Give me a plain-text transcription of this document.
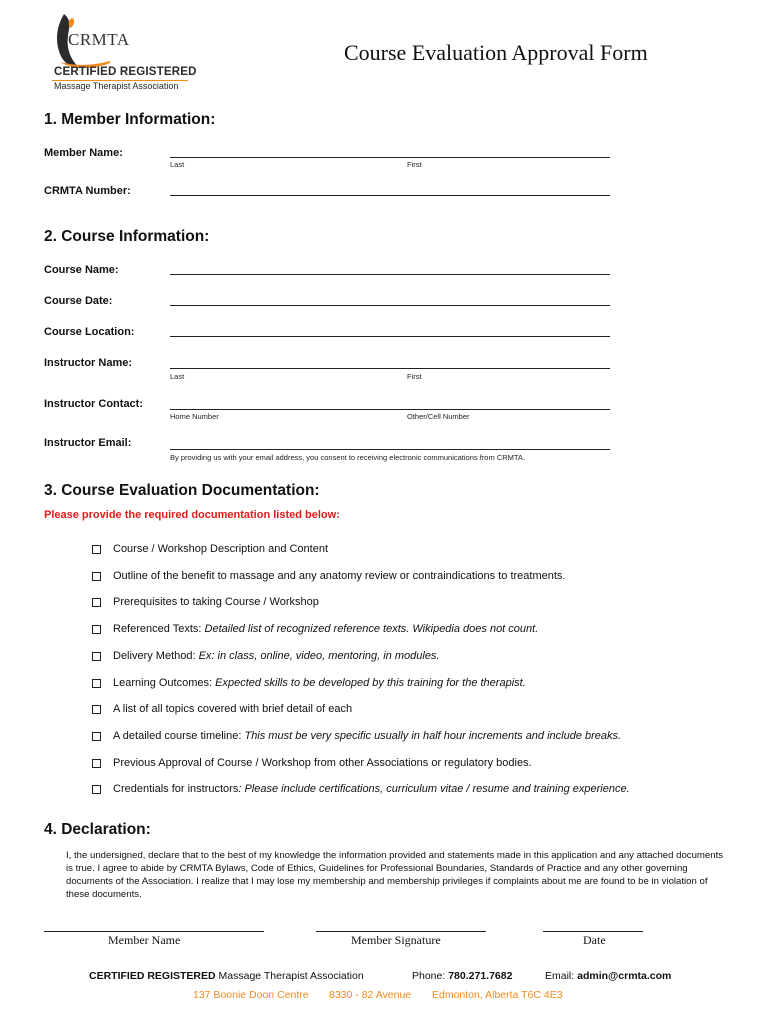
CRMTA
CERTIFIED REGISTERED
Massage Therapist Association
Course Evaluation Approval Form
1. Member Information:
Member Name:
Last	First
CRMTA Number:
2. Course Information:
Course Name:
Course Date:
Course Location:
Instructor Name:
Last	First
Instructor Contact:
Home Number	Other/Cell Number
Instructor Email:
By providing us with your email address, you consent to receiving electronic communications from CRMTA.
3. Course Evaluation Documentation:
Please provide the required documentation listed below:
Course / Workshop Description and Content
Outline of the benefit to massage and any anatomy review or contraindications to treatments.
Prerequisites to taking Course / Workshop
Referenced Texts: Detailed list of recognized reference texts. Wikipedia does not count.
Delivery Method: Ex: in class, online, video, mentoring, in modules.
Learning Outcomes: Expected skills to be developed by this training for the therapist.
A list of all topics covered with brief detail of each
A detailed course timeline: This must be very specific usually in half hour increments and include breaks.
Previous Approval of Course / Workshop from other Associations or regulatory bodies.
Credentials for instructors: Please include certifications, curriculum vitae / resume and training experience.
4. Declaration:
I, the undersigned, declare that to the best of my knowledge the information provided and statements made in this application and any attached documents is true. I agree to abide by CRMTA Bylaws, Code of Ethics, Guidelines for Professional Boundaries, Standards of Practice and any other governing documents of the Association. I realize that I may lose my membership and membership privileges if complaints about me are found to be in violation of these documents.
Member Name	Member Signature	Date
CERTIFIED REGISTERED Massage Therapist Association	Phone: 780.271.7682	Email: admin@crmta.com
137 Boonie Doon Centre 8330 - 82 Avenue Edmonton, Alberta T6C 4E3
